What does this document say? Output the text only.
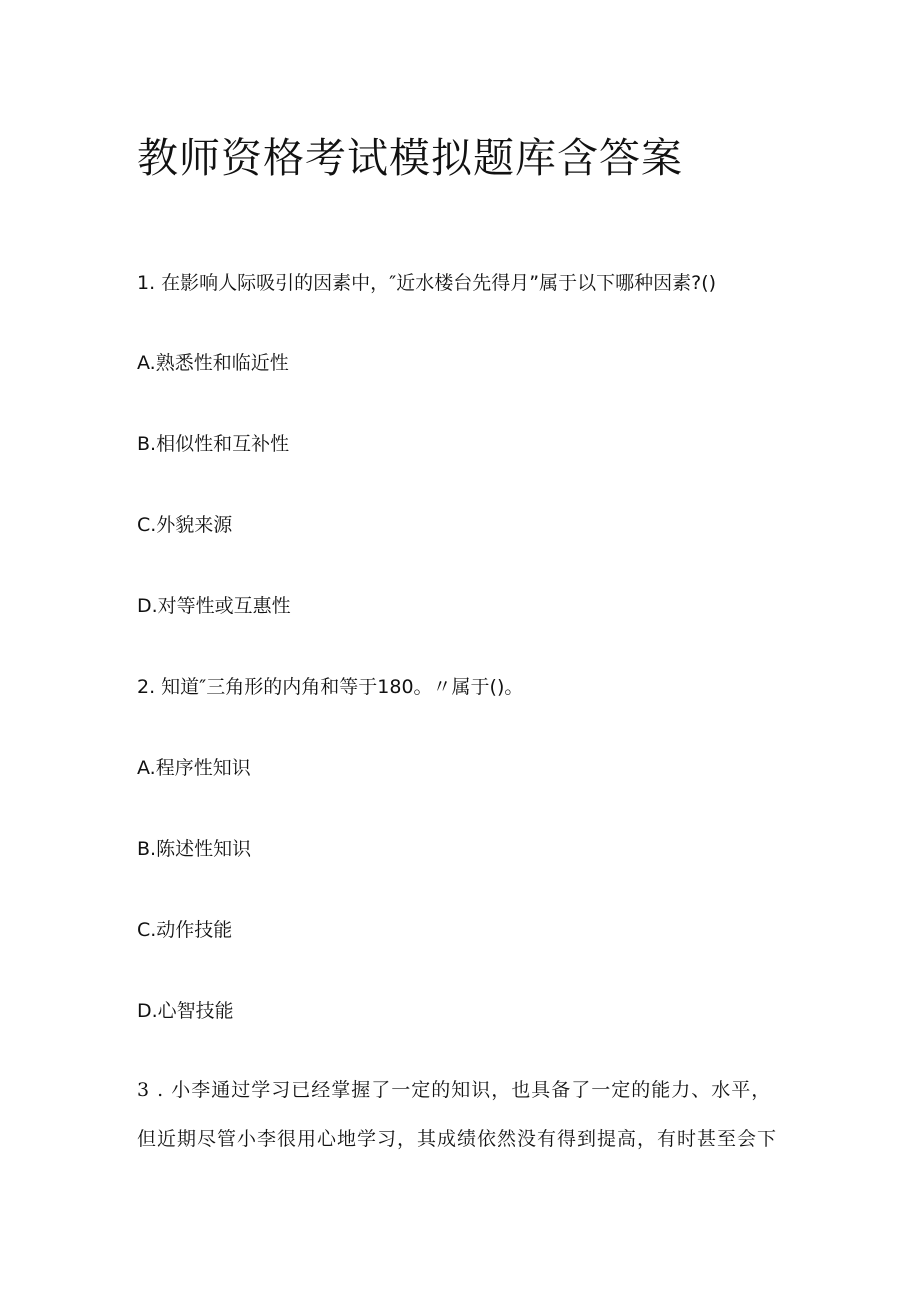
教师资格考试模拟题库含答案

1. 在影响人际吸引的因素中，″近水楼台先得月”属于以下哪种因素?()

A.熟悉性和临近性

B.相似性和互补性

C.外貌来源

D.对等性或互惠性

2. 知道″三角形的内角和等于180。〃属于()。

A.程序性知识

B.陈述性知识

C.动作技能

D.心智技能

3 . 小李通过学习已经掌握了一定的知识，也具备了一定的能力、水平，

但近期尽管小李很用心地学习，其成绩依然没有得到提高，有时甚至会下
